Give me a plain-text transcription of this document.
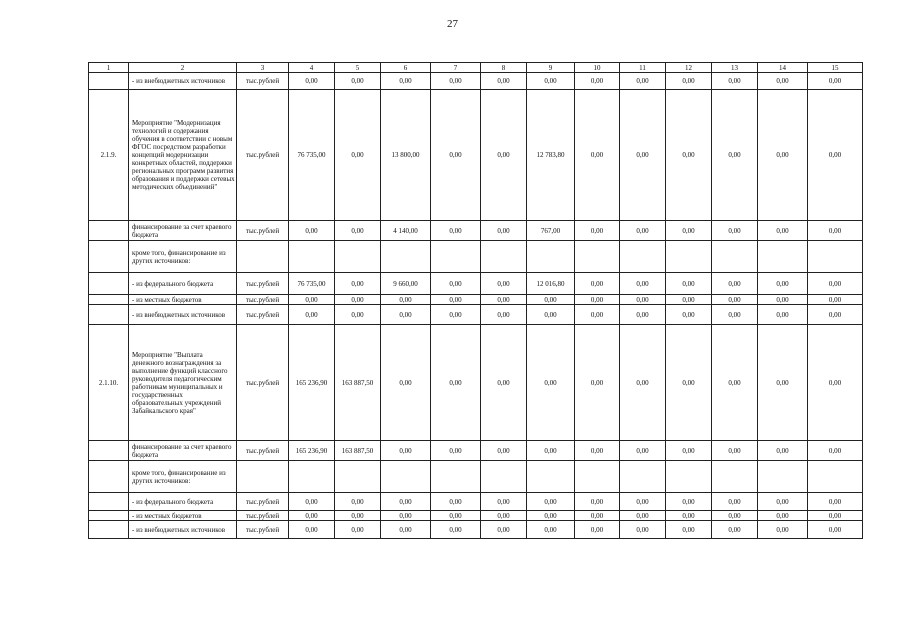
27
1	2	3	4	5	6	7	8	9	10	11	12	13	14	15
	- из внебюджетных источников	тыс.рублей	0,00	0,00	0,00	0,00	0,00	0,00	0,00	0,00	0,00	0,00	0,00	0,00
2.1.9.	Мероприятие "Модернизация технологий и содержания обучения в соответствии с новым ФГОС посредством разработки концепций модернизации конкретных областей, поддержки региональных программ развития образования и поддержки сетевых методических объединений"	тыс.рублей	76 735,00	0,00	13 800,00	0,00	0,00	12 783,80	0,00	0,00	0,00	0,00	0,00	0,00
	финансирование за счет краевого бюджета	тыс.рублей	0,00	0,00	4 140,00	0,00	0,00	767,00	0,00	0,00	0,00	0,00	0,00	0,00
	кроме того, финансирование из других источников:													
	- из федерального бюджета	тыс.рублей	76 735,00	0,00	9 660,00	0,00	0,00	12 016,80	0,00	0,00	0,00	0,00	0,00	0,00
	- из местных бюджетов	тыс.рублей	0,00	0,00	0,00	0,00	0,00	0,00	0,00	0,00	0,00	0,00	0,00	0,00
	- из внебюджетных источников	тыс.рублей	0,00	0,00	0,00	0,00	0,00	0,00	0,00	0,00	0,00	0,00	0,00	0,00
2.1.10.	Мероприятие "Выплата денежного вознаграждения за выполнение функций классного руководителя педагогическим работникам муниципальных и государственных образовательных учреждений Забайкальского края"	тыс.рублей	165 236,90	163 887,50	0,00	0,00	0,00	0,00	0,00	0,00	0,00	0,00	0,00	0,00
	финансирование за счет краевого бюджета	тыс.рублей	165 236,90	163 887,50	0,00	0,00	0,00	0,00	0,00	0,00	0,00	0,00	0,00	0,00
	кроме того, финансирование из других источников:													
	- из федерального бюджета	тыс.рублей	0,00	0,00	0,00	0,00	0,00	0,00	0,00	0,00	0,00	0,00	0,00	0,00
	- из местных бюджетов	тыс.рублей	0,00	0,00	0,00	0,00	0,00	0,00	0,00	0,00	0,00	0,00	0,00	0,00
	- из внебюджетных источников	тыс.рублей	0,00	0,00	0,00	0,00	0,00	0,00	0,00	0,00	0,00	0,00	0,00	0,00
